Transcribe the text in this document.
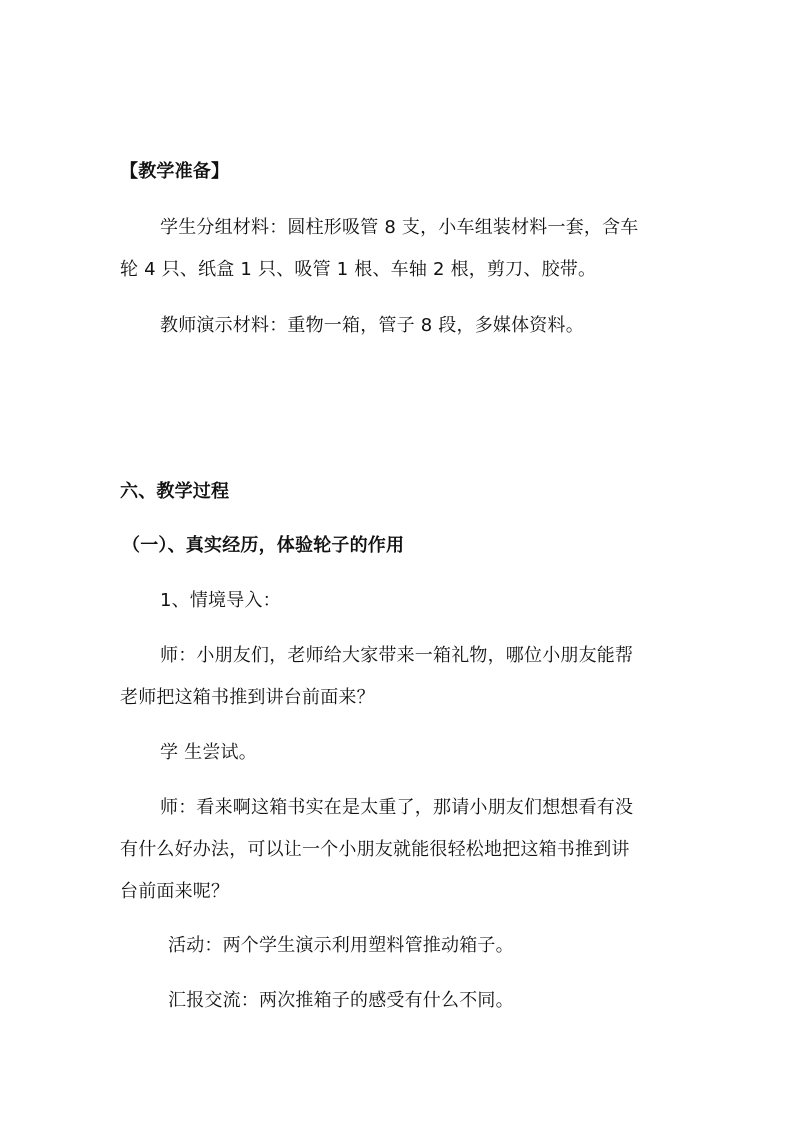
【教学准备】
学生分组材料：圆柱形吸管 8 支，小车组装材料一套，含车
轮 4 只、纸盒 1 只、吸管 1 根、车轴 2 根，剪刀、胶带。
教师演示材料：重物一箱，管子 8 段，多媒体资料。
六、教学过程
（一）、真实经历，体验轮子的作用
1、情境导入：
师：小朋友们，老师给大家带来一箱礼物，哪位小朋友能帮
老师把这箱书推到讲台前面来？
学 生尝试。
师：看来啊这箱书实在是太重了，那请小朋友们想想看有没
有什么好办法，可以让一个小朋友就能很轻松地把这箱书推到讲
台前面来呢？
活动：两个学生演示利用塑料管推动箱子。
汇报交流：两次推箱子的感受有什么不同。
